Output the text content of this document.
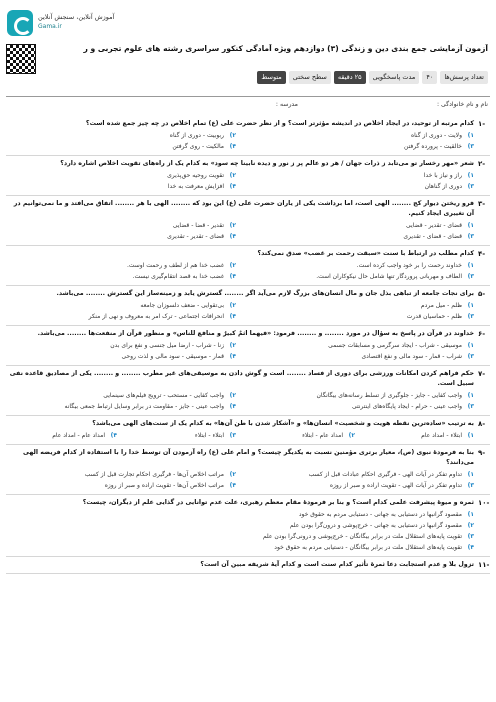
آموزش آنلاین، سنجش آنلاین
Gama.ir
آزمون آزمایشی جمع بندی دین و زندگی (۳) دوازدهم ویژه آمادگی کنکور سراسری رشته های علوم تجربی و ر
تعداد پرسش‌ها
۴۰
مدت پاسخگویی
۲۵ دقیقه
سطح سختی
متوسط
نام و نام خانوادگی :
مدرسه :
۱-
کدام مرتبه از توحید، در ایجاد اخلاص در اندیشه مؤثرتر است؟ و از نظر حضرت علی (ع) تمام اخلاص در چه چیز جمع شده است؟
۱)
ولایت - دوری از گناه
۲)
ربوبیت - دوری از گناه
۳)
خالقیت - پرورده گرفتن
۴)
مالکیت - روی گرفتن
۲-
شعر «مهر رخسار تو می‌تابد ز ذرات جهان / هر دو عالم پر ز نور و دیده نابینا چه سود» به کدام یک از راه‌های تقویت اخلاص اشاره دارد؟
۱)
راز و نیاز با خدا
۲)
تقویت روحیه حق‌پذیری
۳)
دوری از گناهان
۴)
افزایش معرفت به خدا
۳-
فرو ریختن دیوار کج ........ الهی است، اما برداشت یکی از یاران حضرت علی (ع) این بود که ........ الهی با هر ........ اتفاق می‌افتد و ما نمی‌توانیم در آن تغییری ایجاد کنیم.
۱)
قضای - تقدیر - قضایی
۲)
تقدیر - قضا - قضایی
۳)
قضای - قضای - تقدیری
۴)
قضای - تقدیر - تقدیری
۴-
کدام مطلب در ارتباط با سنت «سبقت رحمت بر غضب» صدق نمی‌کند؟
۱)
خداوند رحمت را بر خود واجب کرده است.
۲)
غضب خدا هم از لطف و رحمت اوست.
۳)
الطاف و مهربانی پروردگار تنها شامل حال نیکوکاران است.
۴)
غضب خدا به قصد انتقام‌گیری نیست.
۵-
برای نجات جامعه از تباهی بذل جان و مال انسان‌های بزرگ لازم می‌آید اگر ........ گسترش یابد و زمینه‌ساز این گسترش ........ می‌باشد.
۱)
ظلم - میل مردم
۲)
بی‌تقوایی - ضعف دلسوزان جامعه
۳)
ظلم - حماسیان قدرت
۴)
انحرافات اجتماعی - ترک امر به معروف و نهی از منکر
۶-
خداوند در قرآن در پاسخ به سؤال در مورد ........ و ........ فرمود: «فیهما اثمٌ کبیرٌ و منافع للناس» و منظور قرآن از منفعت‌ها ........ می‌باشد.
۱)
موسیقی - شراب - ایجاد سرگرمی و مسابقات جسمی
۲)
زنا - شراب - ارضا میل جنسی و نفع برای بدن
۳)
شراب - قمار - سود مالی و نفع اقتصادی
۴)
قمار - موسیقی - سود مالی و لذت روحی
۷-
حکم فراهم کردن امکانات ورزشی برای دوری از فساد ........ است و گوش دادن به موسیقی‌های غیر مطرب ........ و ........ یکی از مصادیق قاعده نفی سبیل است.
۱)
واجب کفایی - جایز - جلوگیری از تسلط رسانه‌های بیگانگان
۲)
واجب کفایی - مستحب - ترویج فیلم‌های سینمایی
۳)
واجب عینی - حرام - ایجاد پایگاه‌های اینترنتی
۴)
واجب عینی - جایز - مقاومت در برابر وسایل ارتباط جمعی بیگانه
۸-
به ترتیب «ساده‌ترین نقطه هویت و شخصیت» انسان‌ها» و «آشکار شدن با طن آن‌ها» به کدام یک از سنت‌های الهی می‌باشد؟
۱)
ابتلاء - امداد عام
۲)
امداد عام - ابتلاء
۳)
ابتلاء - ابتلاء
۴)
امداد عام - امداد عام
۹-
بنا به فرمودهٔ نبوی (ص)، معیار برتری مؤمنین نسبت به یکدیگر چیست؟ و امام علی (ع) راه آزمودن آن توسط خدا را با استفاده از کدام فریضه الهی می‌دانند؟
۱)
تداوم تفکر در آیات الهی - فرگیری احکام عبادات قبل از کسب
۲)
مراتب اخلاص آن‌ها - فرگیری احکام تجارت قبل از کسب
۳)
تداوم تفکر در آیات الهی - تقویت اراده و صبر از روزه
۴)
مراتب اخلاص آن‌ها - تقویت اراده و صبر از روزه
۱۰-
ثمره و میوهٔ پیشرفت علمی کدام است؟ و بنا بر فرمودهٔ مقام معظم رهبری، علت عدم توانایی در گذایی علم از دیگران، چیست؟
۱)
مقصود گرانبها در دستیابی به جهانی - دستیابی مردم به حقوق خود
۲)
مقصود گرانبها در دستیابی به جهانی - خرج‌پوشی و درون‌گرا بودن علم
۳)
تقویت پایه‌های استقلال ملت در برابر بیگانگان - خرج‌پوشی و درونی‌گرا بودن علم
۴)
تقویت پایه‌های استقلال ملت در برابر بیگانگان - دستیابی مردم به حقوق خود
۱۱-
تزول بلا و عدم استجابت دعا ثمرهٔ تأثیر کدام سنت است و کدام آیهٔ شریفه مبین آن است؟
